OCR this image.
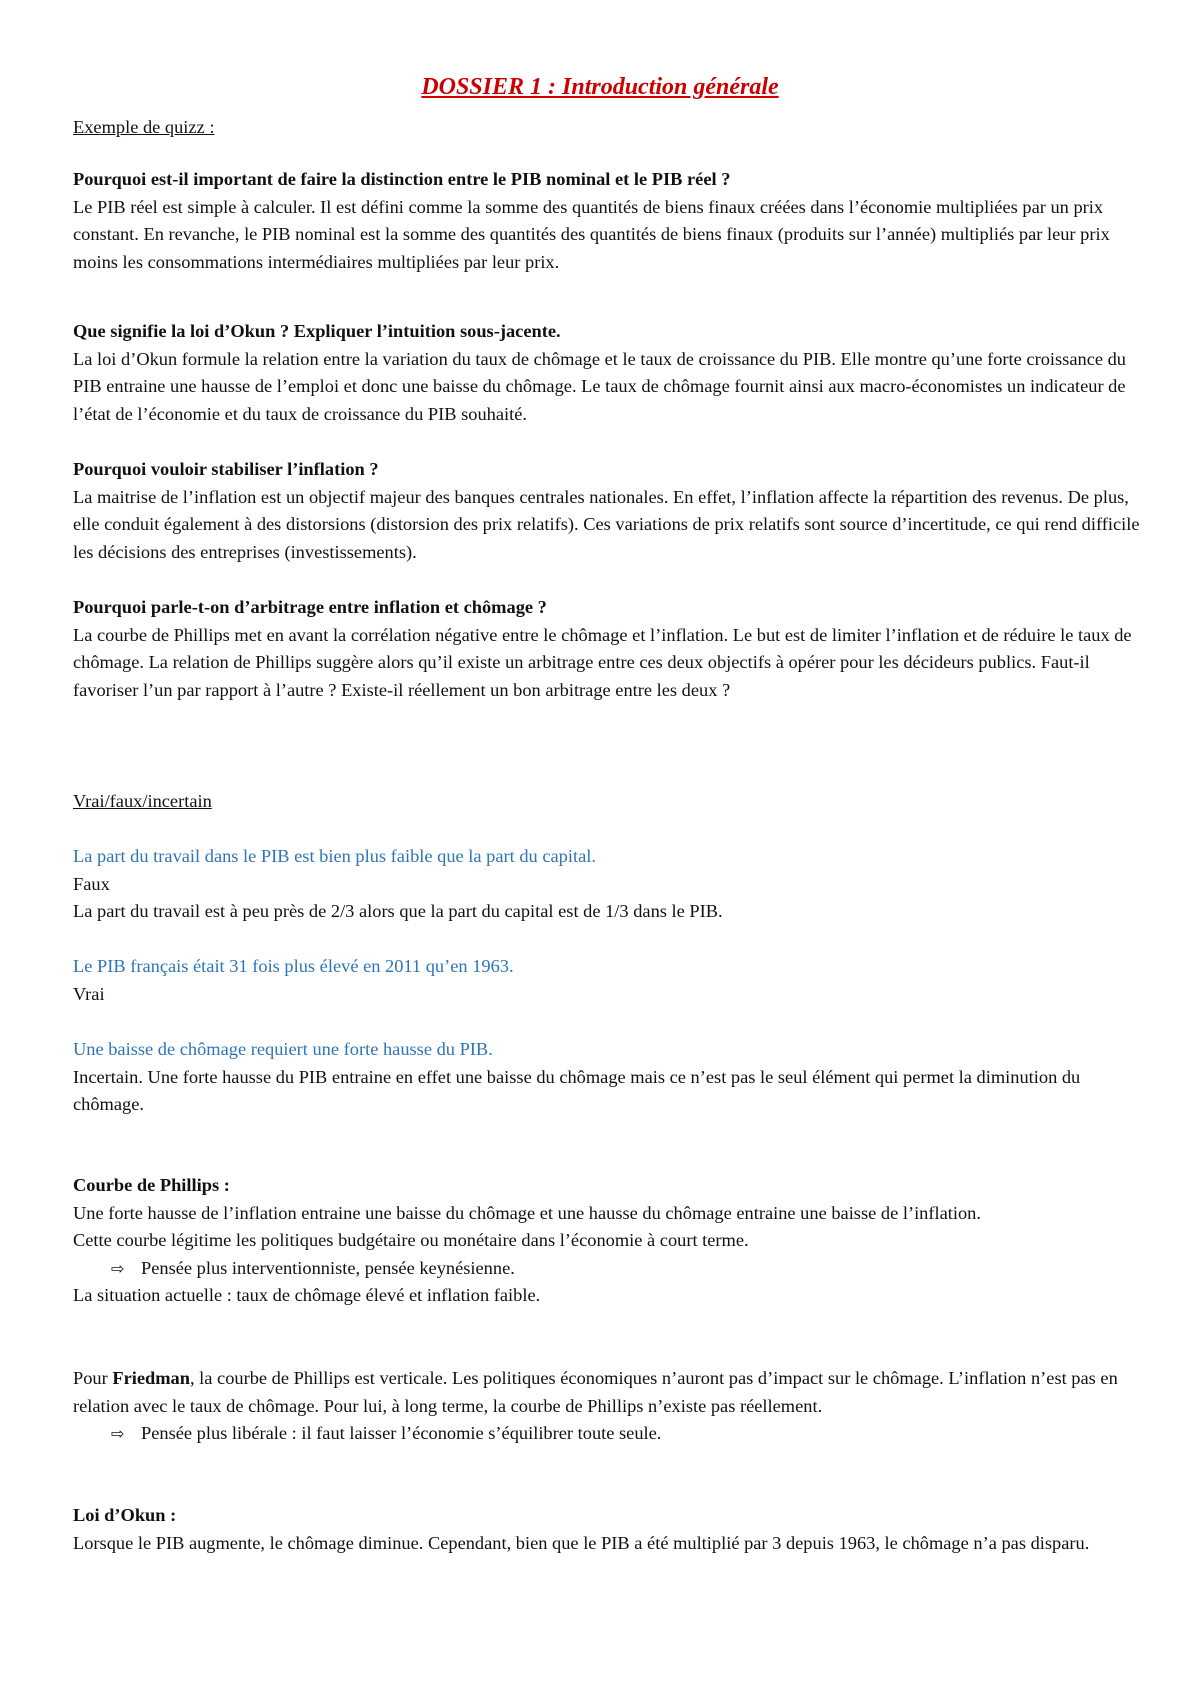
DOSSIER 1 : Introduction générale

Exemple de quizz :

Pourquoi est-il important de faire la distinction entre le PIB nominal et le PIB réel ?

Le PIB réel est simple à calculer. Il est défini comme la somme des quantités de biens finaux créées dans l’économie multipliées par un prix constant. En revanche, le PIB nominal est la somme des quantités des quantités de biens finaux (produits sur l’année) multipliés par leur prix moins les consommations intermédiaires multipliées par leur prix.

Que signifie la loi d’Okun ? Expliquer l’intuition sous-jacente.

La loi d’Okun formule la relation entre la variation du taux de chômage et le taux de croissance du PIB. Elle montre qu’une forte croissance du PIB entraine une hausse de l’emploi et donc une baisse du chômage. Le taux de chômage fournit ainsi aux macro-économistes un indicateur de l’état de l’économie et du taux de croissance du PIB souhaité.

Pourquoi vouloir stabiliser l’inflation ?

La maitrise de l’inflation est un objectif majeur des banques centrales nationales. En effet, l’inflation affecte la répartition des revenus. De plus, elle conduit également à des distorsions (distorsion des prix relatifs). Ces variations de prix relatifs sont source d’incertitude, ce qui rend difficile les décisions des entreprises (investissements).

Pourquoi parle-t-on d’arbitrage entre inflation et chômage ?

La courbe de Phillips met en avant la corrélation négative entre le chômage et l’inflation. Le but est de limiter l’inflation et de réduire le taux de chômage. La relation de Phillips suggère alors qu’il existe un arbitrage entre ces deux objectifs à opérer pour les décideurs publics. Faut-il favoriser l’un par rapport à l’autre ? Existe-il réellement un bon arbitrage entre les deux ?

Vrai/faux/incertain

La part du travail dans le PIB est bien plus faible que la part du capital.

Faux

La part du travail est à peu près de 2/3 alors que la part du capital est de 1/3 dans le PIB.

Le PIB français était 31 fois plus élevé en 2011 qu’en 1963.

Vrai

Une baisse de chômage requiert une forte hausse du PIB.

Incertain. Une forte hausse du PIB entraine en effet une baisse du chômage mais ce n’est pas le seul élément qui permet la diminution du chômage.

Courbe de Phillips :

Une forte hausse de l’inflation entraine une baisse du chômage et une hausse du chômage entraine une baisse de l’inflation.

Cette courbe légitime les politiques budgétaire ou monétaire dans l’économie à court terme.

⇨ Pensée plus interventionniste, pensée keynésienne.

La situation actuelle : taux de chômage élevé et inflation faible.

Pour Friedman, la courbe de Phillips est verticale. Les politiques économiques n’auront pas d’impact sur le chômage. L’inflation n’est pas en relation avec le taux de chômage. Pour lui, à long terme, la courbe de Phillips n’existe pas réellement.

⇨ Pensée plus libérale : il faut laisser l’économie s’équilibrer toute seule.

Loi d’Okun :

Lorsque le PIB augmente, le chômage diminue. Cependant, bien que le PIB a été multiplié par 3 depuis 1963, le chômage n’a pas disparu.
